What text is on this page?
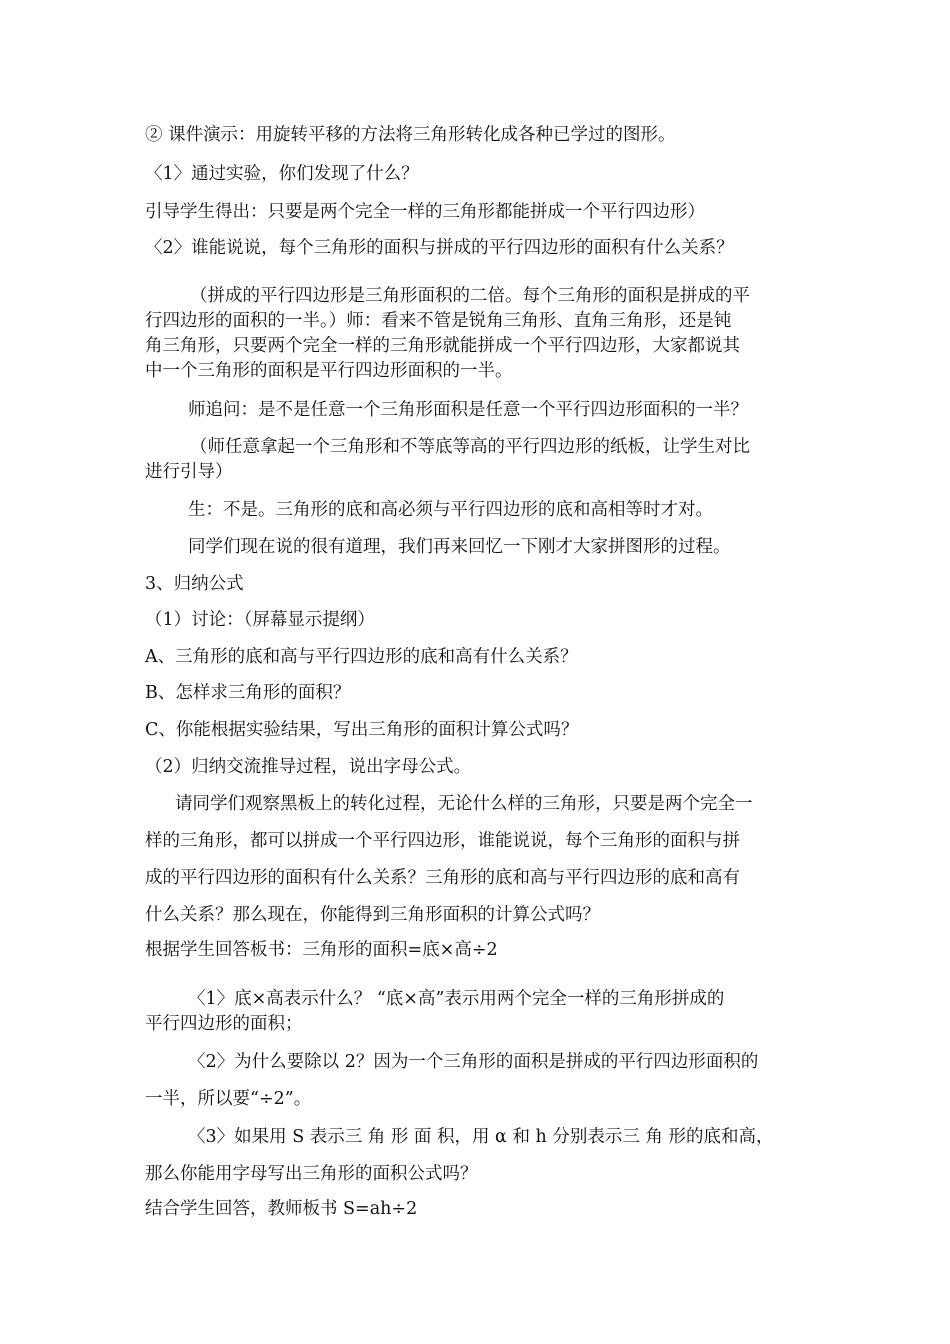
② 课件演示：用旋转平移的方法将三角形转化成各种已学过的图形。
〈1〉通过实验，你们发现了什么？
引导学生得出：只要是两个完全一样的三角形都能拼成一个平行四边形）
〈2〉谁能说说，每个三角形的面积与拼成的平行四边形的面积有什么关系？
（拼成的平行四边形是三角形面积的二倍。每个三角形的面积是拼成的平
行四边形的面积的一半。）师：看来不管是锐角三角形、直角三角形，还是钝
角三角形，只要两个完全一样的三角形就能拼成一个平行四边形，大家都说其
中一个三角形的面积是平行四边形面积的一半。
师追问：是不是任意一个三角形面积是任意一个平行四边形面积的一半？
（师任意拿起一个三角形和不等底等高的平行四边形的纸板，让学生对比
进行引导）
生：不是。三角形的底和高必须与平行四边形的底和高相等时才对。
同学们现在说的很有道理，我们再来回忆一下刚才大家拼图形的过程。
3、归纳公式
（1）讨论：（屏幕显示提纲）
A、三角形的底和高与平行四边形的底和高有什么关系？
B、怎样求三角形的面积？
C、你能根据实验结果，写出三角形的面积计算公式吗？
（2）归纳交流推导过程，说出字母公式。
请同学们观察黑板上的转化过程，无论什么样的三角形，只要是两个完全一
样的三角形，都可以拼成一个平行四边形，谁能说说，每个三角形的面积与拼
成的平行四边形的面积有什么关系？三角形的底和高与平行四边形的底和高有
什么关系？那么现在，你能得到三角形面积的计算公式吗？
根据学生回答板书：三角形的面积=底×高÷2
〈1〉底×高表示什么？ “底×高”表示用两个完全一样的三角形拼成的
平行四边形的面积；
〈2〉为什么要除以 2？因为一个三角形的面积是拼成的平行四边形面积的
一半，所以要“÷2”。
〈3〉如果用 S 表示三 角 形 面 积，用 α 和 h 分别表示三 角 形的底和高，
那么你能用字母写出三角形的面积公式吗？
结合学生回答，教师板书 S=ah÷2
